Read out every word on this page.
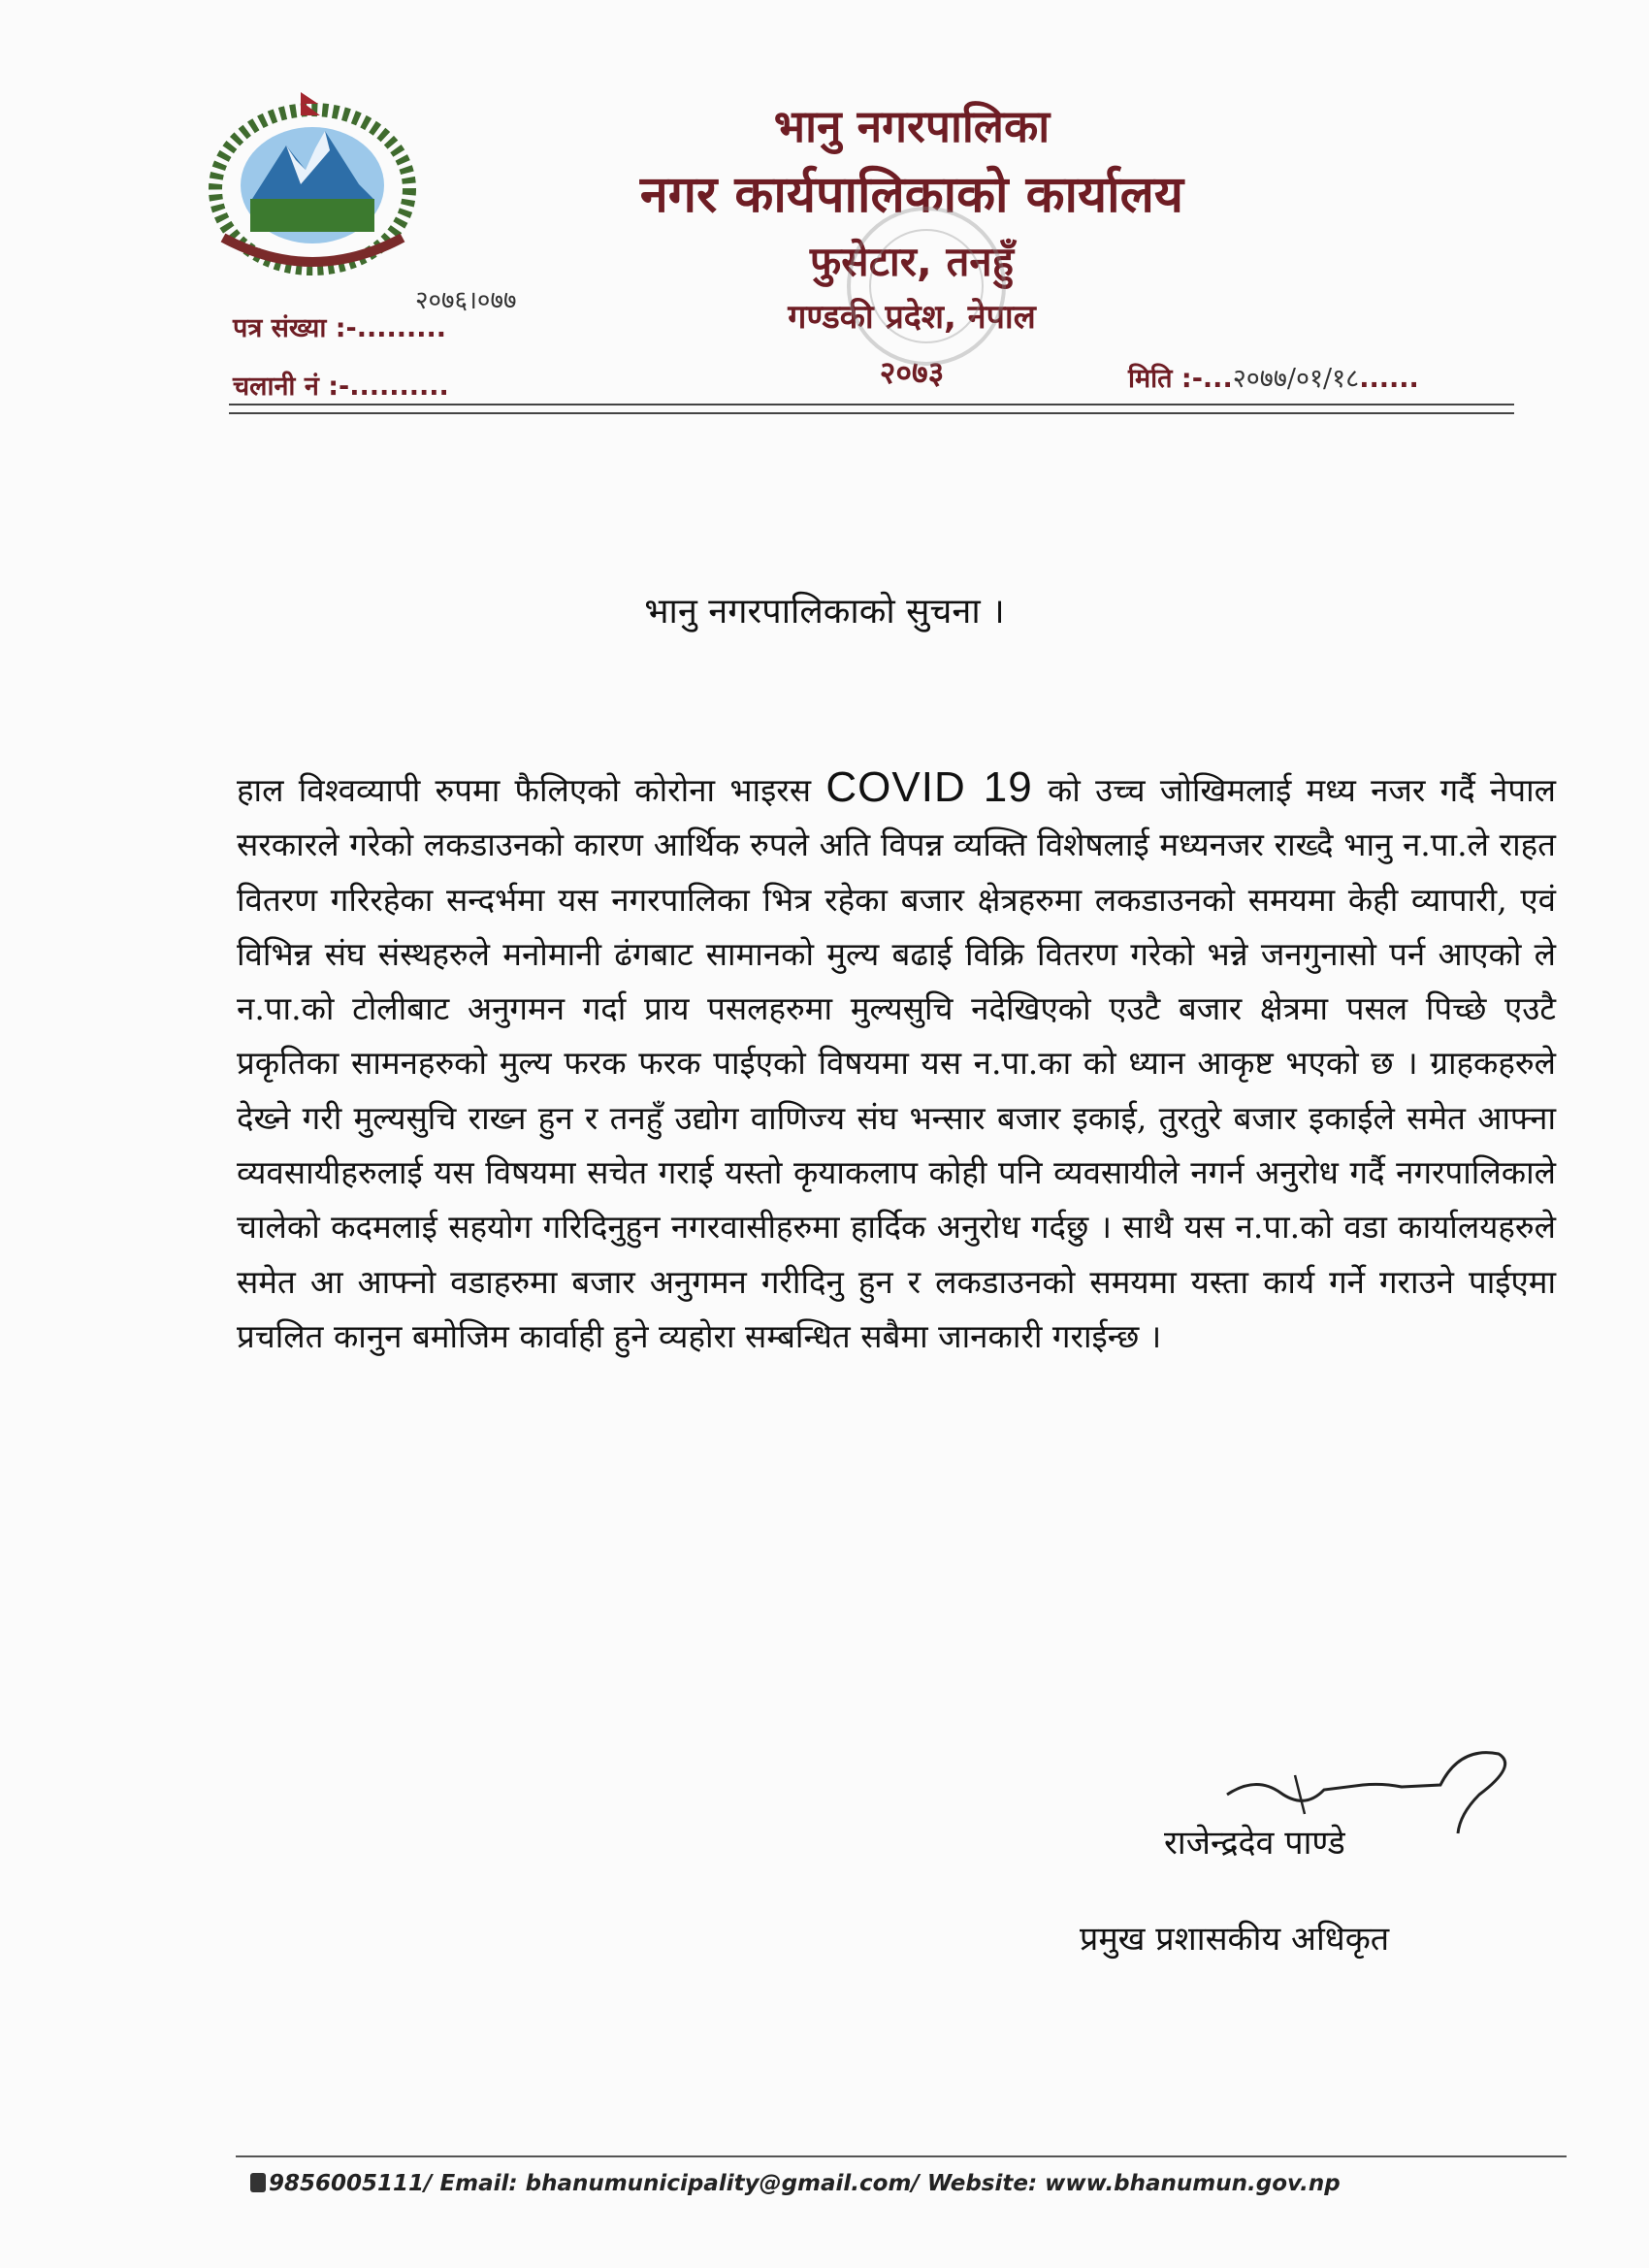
भानु नगरपालिका
नगर कार्यपालिकाको कार्यालय
फुसेटार, तनहुँ
गण्डकी प्रदेश, नेपाल
२०७३
२०७६।०७७
पत्र संख्या :-.........
चलानी नं :-..........	मिति :-...२०७७/०१/१८......
भानु नगरपालिकाको सुचना ।
हाल विश्वव्यापी रुपमा फैलिएको कोरोना भाइरस COVID 19 को उच्च जोखिमलाई मध्य नजर गर्दै नेपाल सरकारले गरेको लकडाउनको कारण आर्थिक रुपले अति विपन्न व्यक्ति विशेषलाई मध्यनजर राख्दै भानु न.पा.ले राहत वितरण गरिरहेका सन्दर्भमा यस नगरपालिका भित्र रहेका बजार क्षेत्रहरुमा लकडाउनको समयमा केही व्यापारी, एवं विभिन्न संघ संस्थहरुले मनोमानी ढंगबाट सामानको मुल्य बढाई विक्रि वितरण गरेको भन्ने जनगुनासो पर्न आएको ले न.पा.को टोलीबाट अनुगमन गर्दा प्राय पसलहरुमा मुल्यसुचि नदेखिएको एउटै बजार क्षेत्रमा पसल पिच्छे एउटै प्रकृतिका सामनहरुको मुल्य फरक फरक पाईएको विषयमा यस न.पा.का को ध्यान आकृष्ट भएको छ । ग्राहकहरुले देख्ने गरी मुल्यसुचि राख्न हुन र तनहुँ उद्योग वाणिज्य संघ भन्सार बजार इकाई, तुरतुरे बजार इकाईले समेत आफ्ना व्यवसायीहरुलाई यस विषयमा सचेत गराई यस्तो कृयाकलाप कोही पनि व्यवसायीले नगर्न अनुरोध गर्दै नगरपालिकाले चालेको कदमलाई सहयोग गरिदिनुहुन नगरवासीहरुमा हार्दिक अनुरोध गर्दछु । साथै यस न.पा.को वडा कार्यालयहरुले समेत आ आफ्नो वडाहरुमा बजार अनुगमन गरीदिनु हुन र लकडाउनको समयमा यस्ता कार्य गर्ने गराउने पाईएमा प्रचलित कानुन बमोजिम कार्वाही हुने व्यहोरा सम्बन्धित सबैमा जानकारी गराईन्छ ।
राजेन्द्रदेव पाण्डे
प्रमुख प्रशासकीय अधिकृत
9856005111/ Email: bhanumunicipality@gmail.com/ Website: www.bhanumun.gov.np
